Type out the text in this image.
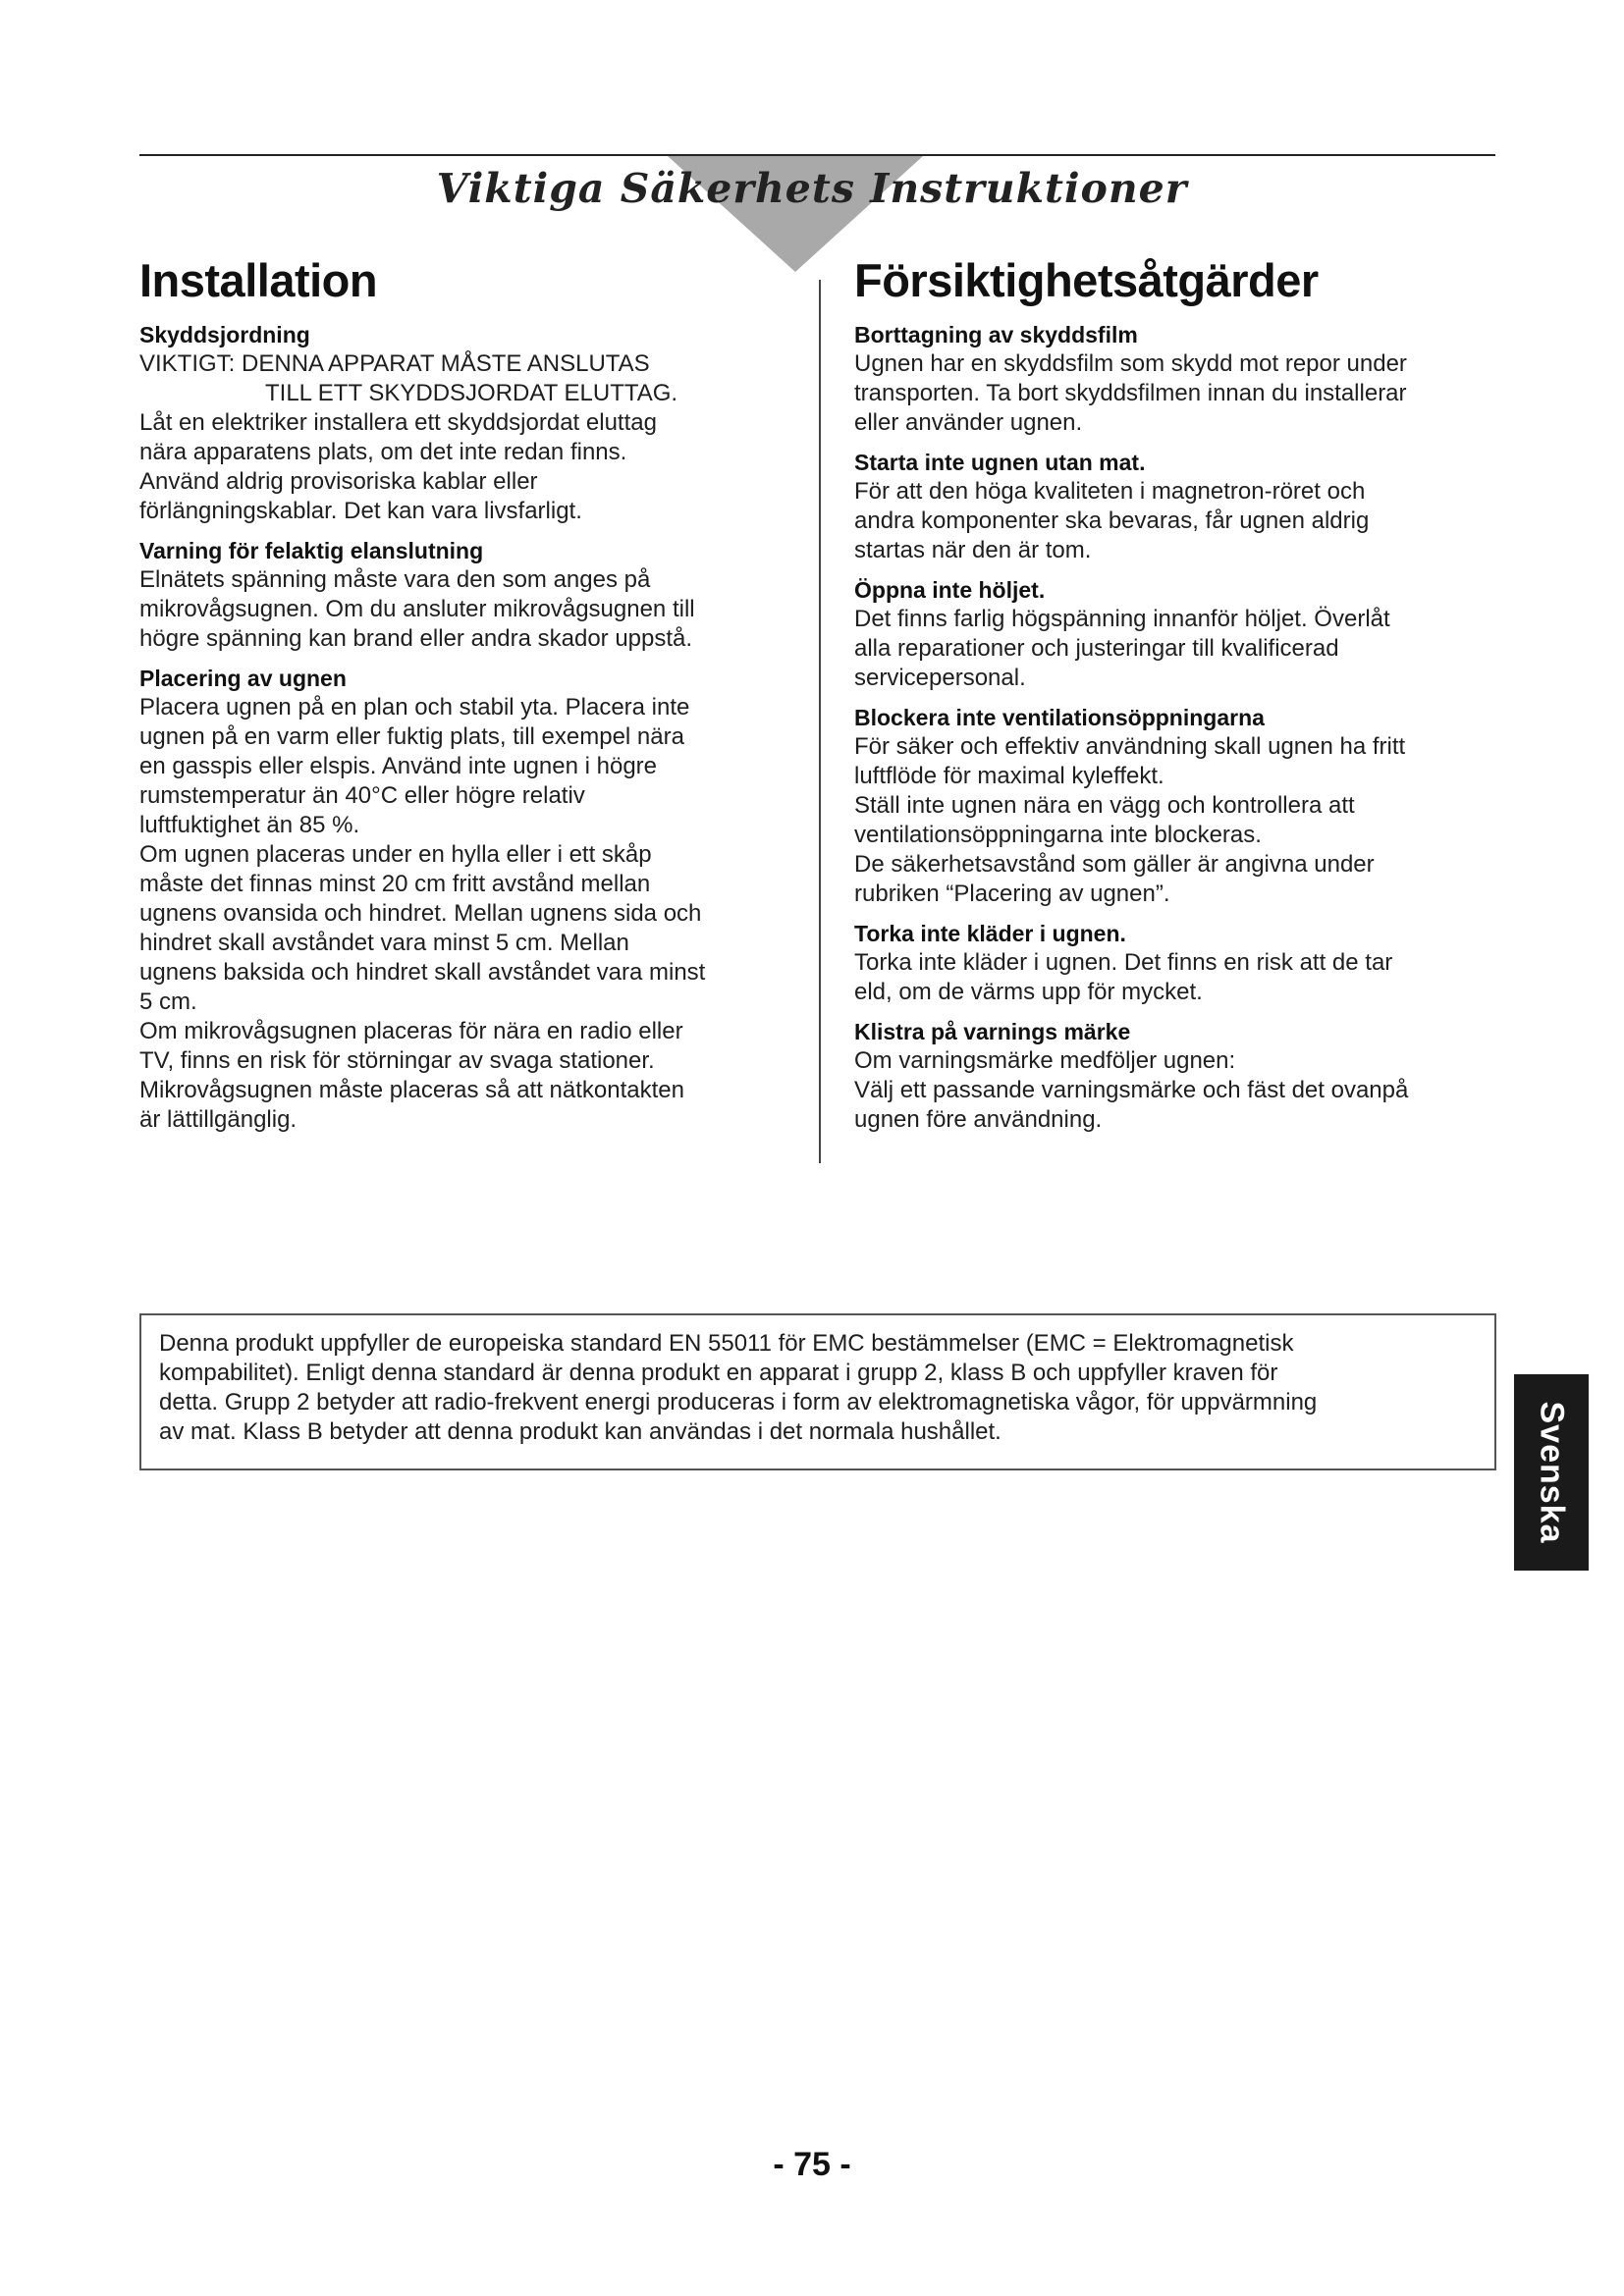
Viktiga Säkerhets Instruktioner
Installation
Skyddsjordning

VIKTIGT: DENNA APPARAT MÅSTE ANSLUTAS

TILL ETT SKYDDSJORDAT ELUTTAG.

Låt en elektriker installera ett skyddsjordat eluttag

nära apparatens plats, om det inte redan finns.

Använd aldrig provisoriska kablar eller

förlängningskablar. Det kan vara livsfarligt.

Varning för felaktig elanslutning

Elnätets spänning måste vara den som anges på

mikrovågsugnen. Om du ansluter mikrovågsugnen till

högre spänning kan brand eller andra skador uppstå.

Placering av ugnen

Placera ugnen på en plan och stabil yta. Placera inte

ugnen på en varm eller fuktig plats, till exempel nära

en gasspis eller elspis. Använd inte ugnen i högre

rumstemperatur än 40°C eller högre relativ

luftfuktighet än 85 %.

Om ugnen placeras under en hylla eller i ett skåp

måste det finnas minst 20 cm fritt avstånd mellan

ugnens ovansida och hindret. Mellan ugnens sida och

hindret skall avståndet vara minst 5 cm. Mellan

ugnens baksida och hindret skall avståndet vara minst

5 cm.

Om mikrovågsugnen placeras för nära en radio eller

TV, finns en risk för störningar av svaga stationer.

Mikrovågsugnen måste placeras så att nätkontakten

är lättillgänglig.

Försiktighetsåtgärder
Borttagning av skyddsfilm

Ugnen har en skyddsfilm som skydd mot repor under

transporten. Ta bort skyddsfilmen innan du installerar

eller använder ugnen.

Starta inte ugnen utan mat.

För att den höga kvaliteten i magnetron-röret och

andra komponenter ska bevaras, får ugnen aldrig

startas när den är tom.

Öppna inte höljet.

Det finns farlig högspänning innanför höljet. Överlåt

alla reparationer och justeringar till kvalificerad

servicepersonal.

Blockera inte ventilationsöppningarna

För säker och effektiv användning skall ugnen ha fritt

luftflöde för maximal kyleffekt.

Ställ inte ugnen nära en vägg och kontrollera att

ventilationsöppningarna inte blockeras.

De säkerhetsavstånd som gäller är angivna under

rubriken “Placering av ugnen”.

Torka inte kläder i ugnen.

Torka inte kläder i ugnen. Det finns en risk att de tar

eld, om de värms upp för mycket.

Klistra på varnings märke

Om varningsmärke medföljer ugnen:

Välj ett passande varningsmärke och fäst det ovanpå

ugnen före användning.

Denna produkt uppfyller de europeiska standard EN 55011 för EMC bestämmelser (EMC = Elektromagnetisk

kompabilitet). Enligt denna standard är denna produkt en apparat i grupp 2, klass B och uppfyller kraven för

detta. Grupp 2 betyder att radio-frekvent energi produceras i form av elektromagnetiska vågor, för uppvärmning

av mat. Klass B betyder att denna produkt kan användas i det normala hushållet.	Svenska
- 75 -
